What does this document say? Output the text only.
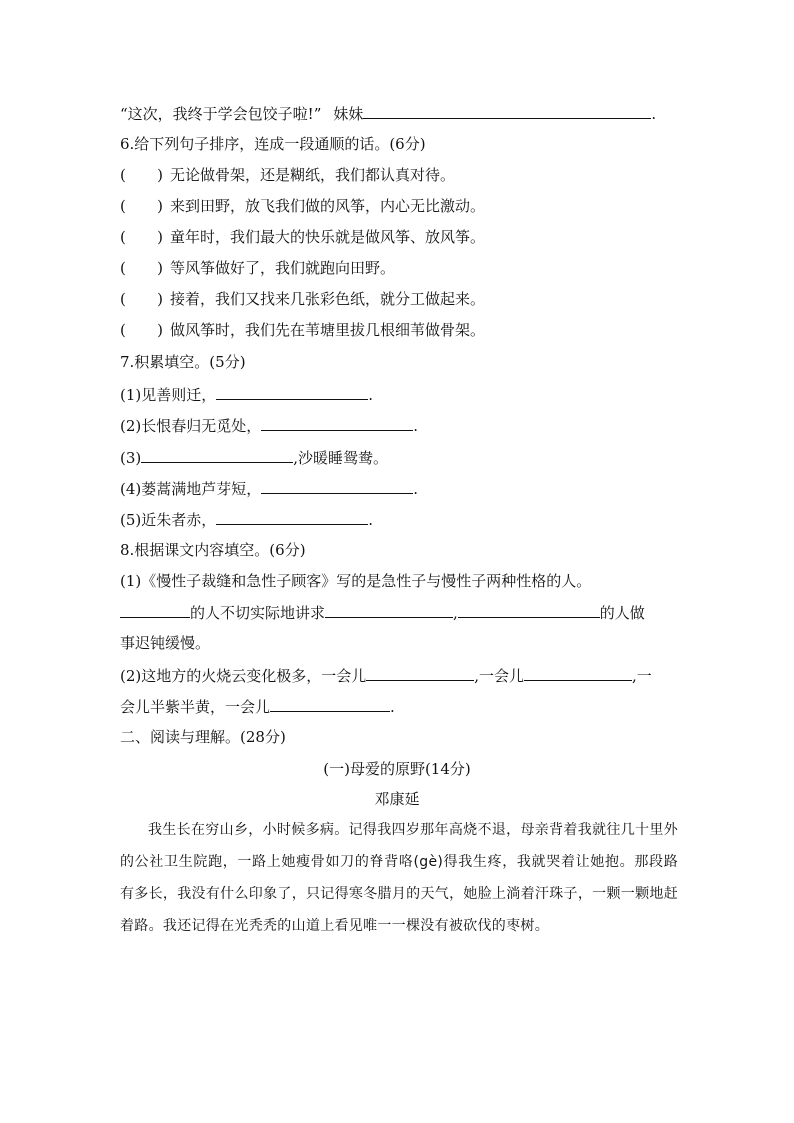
“这次，我终于学会包饺子啦!” 妹妹	.
6.给下列句子排序，连成一段通顺的话。(6分)
( ) 无论做骨架，还是糊纸，我们都认真对待。
( ) 来到田野，放飞我们做的风筝，内心无比激动。
( ) 童年时，我们最大的快乐就是做风筝、放风筝。
( ) 等风筝做好了，我们就跑向田野。
( ) 接着，我们又找来几张彩色纸，就分工做起来。
( ) 做风筝时，我们先在苇塘里拔几根细苇做骨架。
7.积累填空。(5分)
(1)见善则迁，	.
(2)长恨春归无觅处，	.
(3)	,沙暖睡鸳鸯。
(4)蒌蒿满地芦芽短，	.
(5)近朱者赤，	.
8.根据课文内容填空。(6分)
(1)《慢性子裁缝和急性子顾客》写的是急性子与慢性子两种性格的人。
的人不切实际地讲求	,	的人做
事迟钝缓慢。
(2)这地方的火烧云变化极多，一会儿	,一会儿	,一
会儿半紫半黄，一会儿	.
二、阅读与理解。(28分)
(一)母爱的原野(14分)
邓康延

我生长在穷山乡，小时候多病。记得我四岁那年高烧不退，母亲背着我就往几十里外的公社卫生院跑，一路上她瘦骨如刀的脊背咯(gè)得我生疼，我就哭着让她抱。那段路有多长，我没有什么印象了，只记得寒冬腊月的天气，她脸上淌着汗珠子，一颗一颗地赶着路。我还记得在光秃秃的山道上看见唯一一棵没有被砍伐的枣树。
